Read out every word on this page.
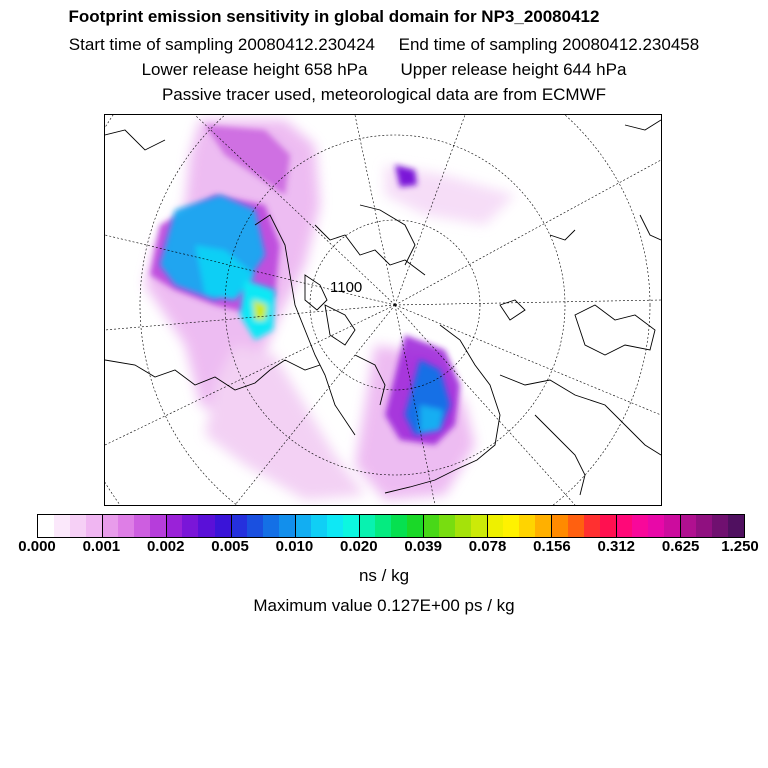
Footprint emission sensitivity in global domain for NP3_20080412
Start time of sampling 20080412.230424 End time of sampling 20080412.230458
Lower release height 658 hPa Upper release height 644 hPa
Passive tracer used, meteorological data are from ECMWF
1100
0.000 0.001 0.002 0.005 0.010 0.020 0.039 0.078 0.156 0.312 0.625 1.250
ns / kg
Maximum value 0.127E+00 ps / kg
